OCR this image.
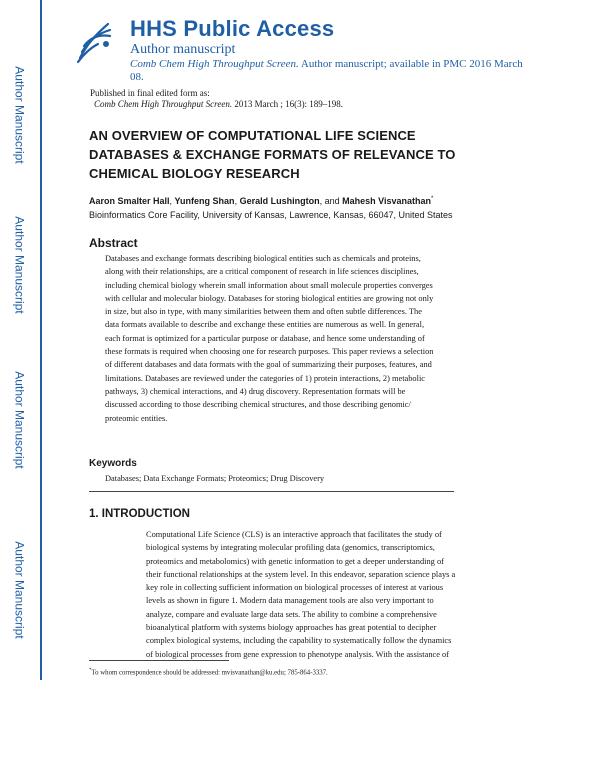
Author Manuscript
Author Manuscript
Author Manuscript
Author Manuscript
HHS Public Access
Author manuscript
Comb Chem High Throughput Screen. Author manuscript; available in PMC 2016 March
08.
Published in final edited form as:
Comb Chem High Throughput Screen. 2013 March ; 16(3): 189–198.
AN OVERVIEW OF COMPUTATIONAL LIFE SCIENCE
DATABASES & EXCHANGE FORMATS OF RELEVANCE TO
CHEMICAL BIOLOGY RESEARCH
Aaron Smalter Hall, Yunfeng Shan, Gerald Lushington, and Mahesh Visvanathan*
Bioinformatics Core Facility, University of Kansas, Lawrence, Kansas, 66047, United States
Abstract
Databases and exchange formats describing biological entities such as chemicals and proteins,
along with their relationships, are a critical component of research in life sciences disciplines,
including chemical biology wherein small information about small molecule properties converges
with cellular and molecular biology. Databases for storing biological entities are growing not only
in size, but also in type, with many similarities between them and often subtle differences. The
data formats available to describe and exchange these entities are numerous as well. In general,
each format is optimized for a particular purpose or database, and hence some understanding of
these formats is required when choosing one for research purposes. This paper reviews a selection
of different databases and data formats with the goal of summarizing their purposes, features, and
limitations. Databases are reviewed under the categories of 1) protein interactions, 2) metabolic
pathways, 3) chemical interactions, and 4) drug discovery. Representation formats will be
discussed according to those describing chemical structures, and those describing genomic/
proteomic entities.
Keywords
Databases; Data Exchange Formats; Proteomics; Drug Discovery
1. INTRODUCTION
Computational Life Science (CLS) is an interactive approach that facilitates the study of
biological systems by integrating molecular profiling data (genomics, transcriptomics,
proteomics and metabolomics) with genetic information to get a deeper understanding of
their functional relationships at the system level. In this endeavor, separation science plays a
key role in collecting sufficient information on biological processes of interest at various
levels as shown in figure 1. Modern data management tools are also very important to
analyze, compare and evaluate large data sets. The ability to combine a comprehensive
bioanalytical platform with systems biology approaches has great potential to decipher
complex biological systems, including the capability to systematically follow the dynamics
of biological processes from gene expression to phenotype analysis. With the assistance of
*To whom correspondence should be addressed: mvisvanathan@ku.edu; 785-864-3337.
